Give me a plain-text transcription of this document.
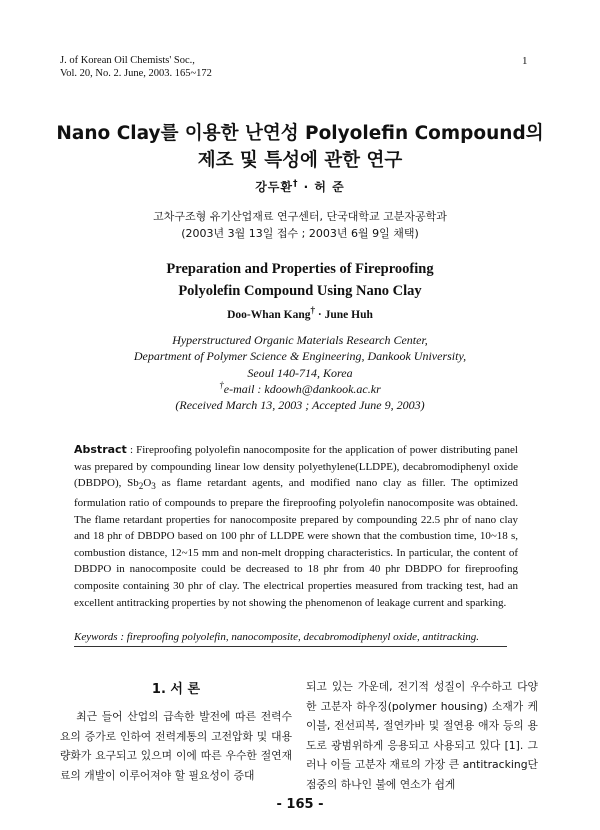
J. of Korean Oil Chemists' Soc.,
Vol. 20, No. 2. June, 2003. 165~172
1
Nano Clay를 이용한 난연성 Polyolefin Compound의
제조 및 특성에 관한 연구
강두환† · 허 준
고차구조형 유기산업재료 연구센터, 단국대학교 고분자공학과
(2003년 3월 13일 접수 ; 2003년 6월 9일 채택)
Preparation and Properties of Fireproofing
Polyolefin Compound Using Nano Clay
Doo-Whan Kang† · June Huh
Hyperstructured Organic Materials Research Center,
Department of Polymer Science & Engineering, Dankook University,
Seoul 140-714, Korea
†e-mail : kdoowh@dankook.ac.kr
(Received March 13, 2003 ; Accepted June 9, 2003)
Abstract : Fireproofing polyolefin nanocomposite for the application of power distributing panel was prepared by compounding linear low density polyethylene(LLDPE), decabromodiphenyl oxide (DBDPO), $Sb_2O_3$ as flame retardant agents, and modified nano clay as filler. The optimized formulation ratio of compounds to prepare the fireproofing polyolefin nanocomposite was obtained. The flame retardant properties for nanocomposite prepared by compounding 22.5 phr of nano clay and 18 phr of DBDPO based on 100 phr of LLDPE were shown that the combustion time, 10~18 s, combustion distance, 12~15 mm and non-melt dropping characteristics. In particular, the content of DBDPO in nanocomposite could be decreased to 18 phr from 40 phr DBDPO for fireproofing composite containing 30 phr of clay. The electrical properties measured from tracking test, had an excellent antitracking properties by not showing the phenomenon of leakage current and sparking.
Keywords : fireproofing polyolefin, nanocomposite, decabromodiphenyl oxide, antitracking.
1. 서 론
최근 들어 산업의 급속한 발전에 따른 전력수요의 증가로 인하여 전력계통의 고전압화 및 대용량화가 요구되고 있으며 이에 따른 우수한 절연재료의 개발이 이루어져야 할 필요성이 증대
되고 있는 가운데, 전기적 성질이 우수하고 다양한 고분자 하우징(polymer housing) 소재가 케이블, 전선피복, 절연카바 및 절연용 애자 등의 용도로 광범위하게 응용되고 사용되고 있다 [1]. 그러나 이들 고분자 재료의 가장 큰 antitracking단점중의 하나인 불에 연소가 쉽게
- 165 -
